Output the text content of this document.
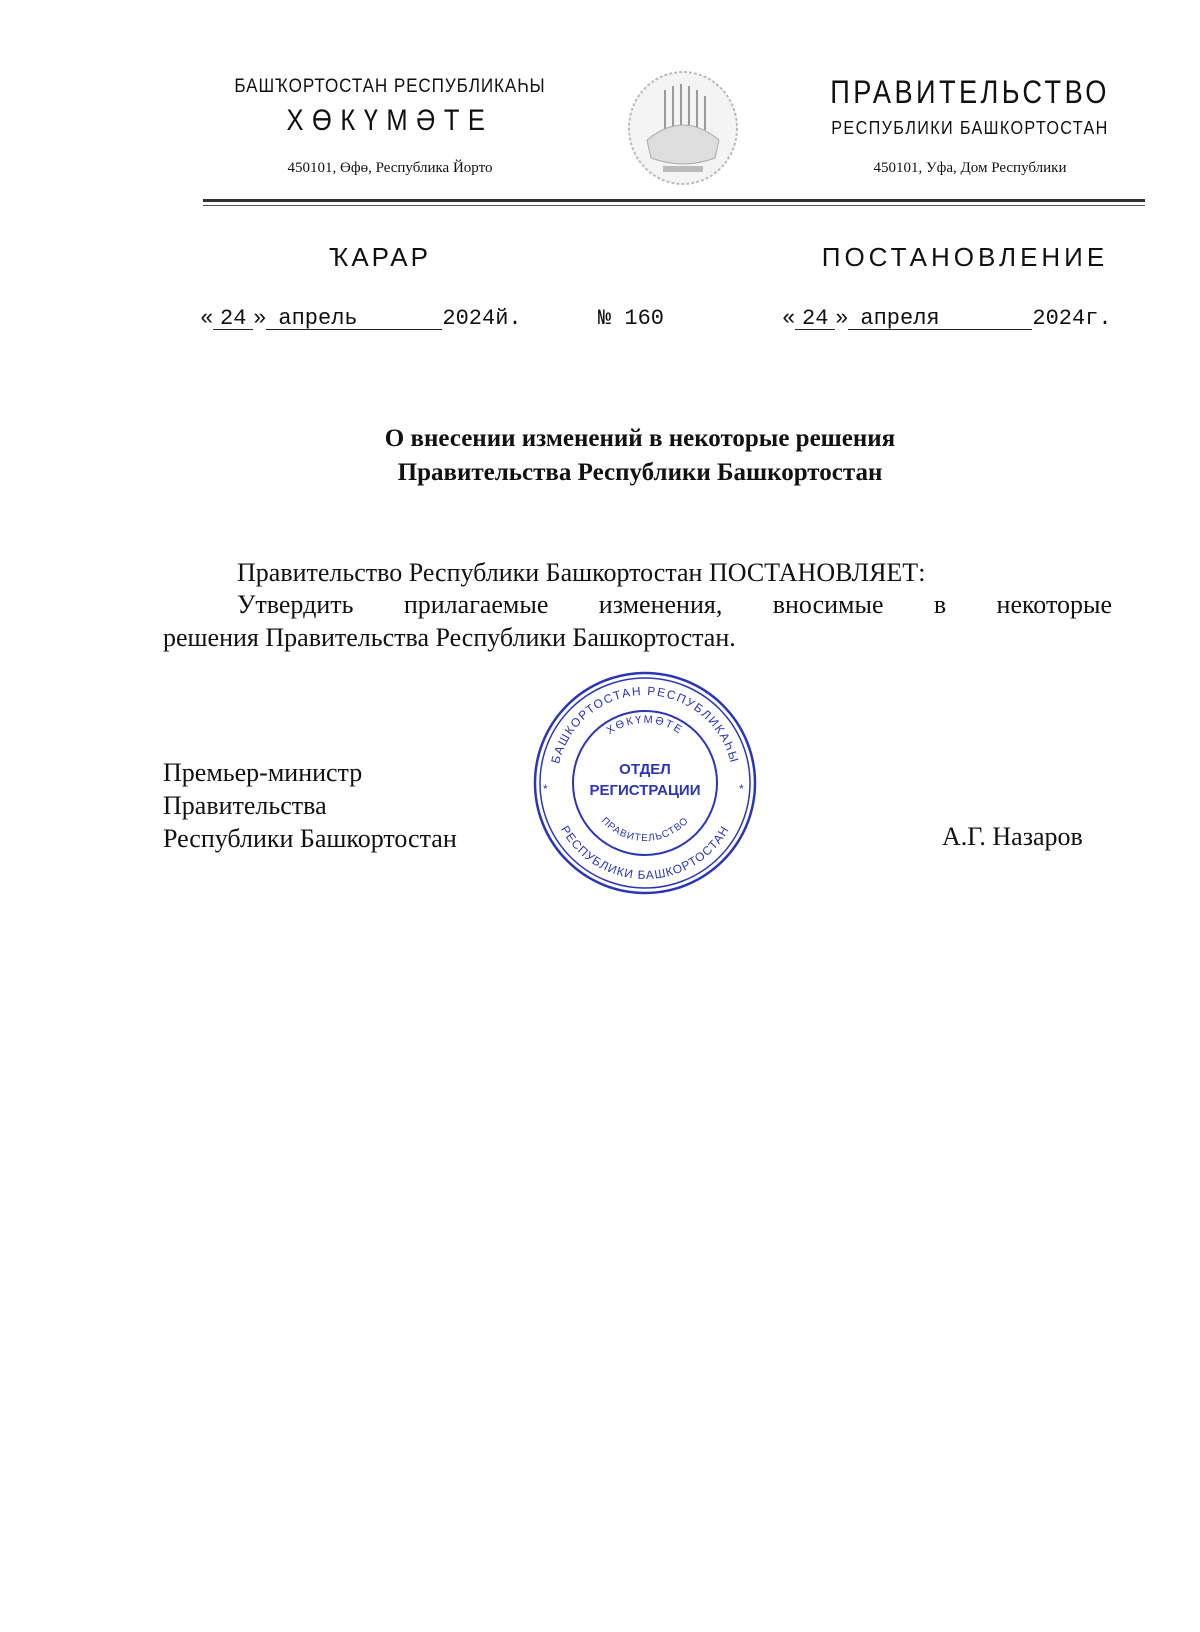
БАШҠОРТОСТАН РЕСПУБЛИКАҺЫ
ХӨКҮМӘТЕ
450101, Өфө, Республика Йорто
ПРАВИТЕЛЬСТВО
РЕСПУБЛИКИ БАШКОРТОСТАН
450101, Уфа, Дом Республики
ҠАРАР	ПОСТАНОВЛЕНИЕ
« 24 » апрель	2024й.	№ 160	« 24 » апреля	2024г.
О внесении изменений в некоторые решения
Правительства Республики Башкортостан
Правительство Республики Башкортостан ПОСТАНОВЛЯЕТ:
Утвердить прилагаемые изменения, вносимые в некоторые
решения Правительства Республики Башкортостан.
Премьер-министр
Правительства
Республики Башкортостан	А.Г. Назаров
БАШКОРТОСТАН РЕСПУБЛИКАҺЫ
ХӨКҮМӘТЕ
РЕСПУБЛИКИ БАШКОРТОСТАН
ПРАВИТЕЛЬСТВО
ОТДЕЛ
РЕГИСТРАЦИИ
*	*
